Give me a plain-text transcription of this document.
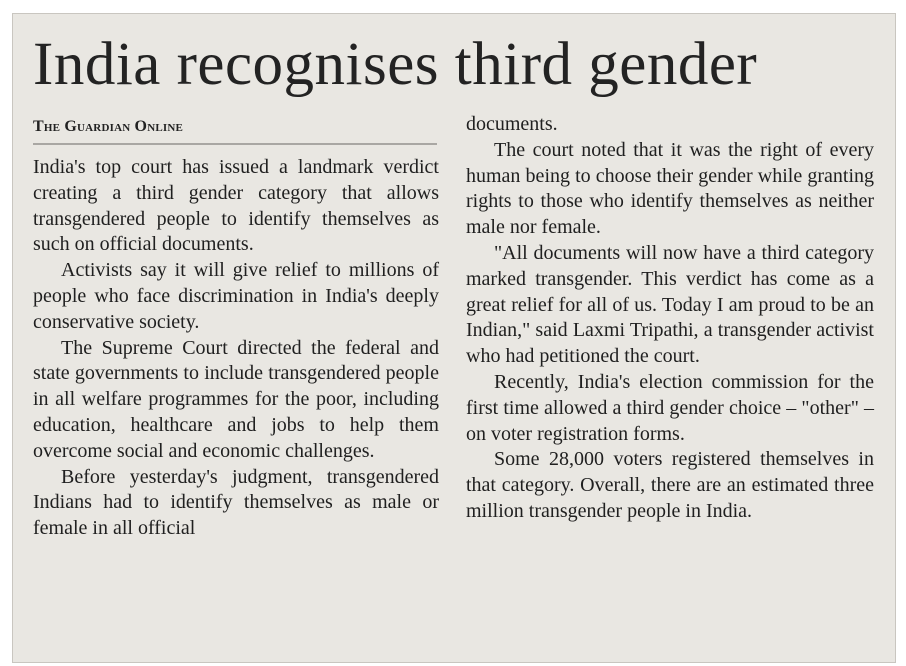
India recognises third gender
The Guardian Online

India's top court has issued a landmark verdict creating a third gender category that allows transgendered people to identify themselves as such on official documents.

Activists say it will give relief to millions of people who face discrimination in India's deeply conservative society.

The Supreme Court directed the federal and state governments to include transgendered people in all welfare programmes for the poor, including education, healthcare and jobs to help them overcome social and economic challenges.

Before yesterday's judgment, transgendered Indians had to identify themselves as male or female in all official

documents.

The court noted that it was the right of every human being to choose their gender while granting rights to those who identify themselves as neither male nor female.

"All documents will now have a third category marked transgender. This verdict has come as a great relief for all of us. Today I am proud to be an Indian," said Laxmi Tripathi, a transgender activist who had petitioned the court.

Recently, India's election commission for the first time allowed a third gender choice – "other" – on voter registration forms.

Some 28,000 voters registered themselves in that category. Overall, there are an estimated three million transgender people in India.
